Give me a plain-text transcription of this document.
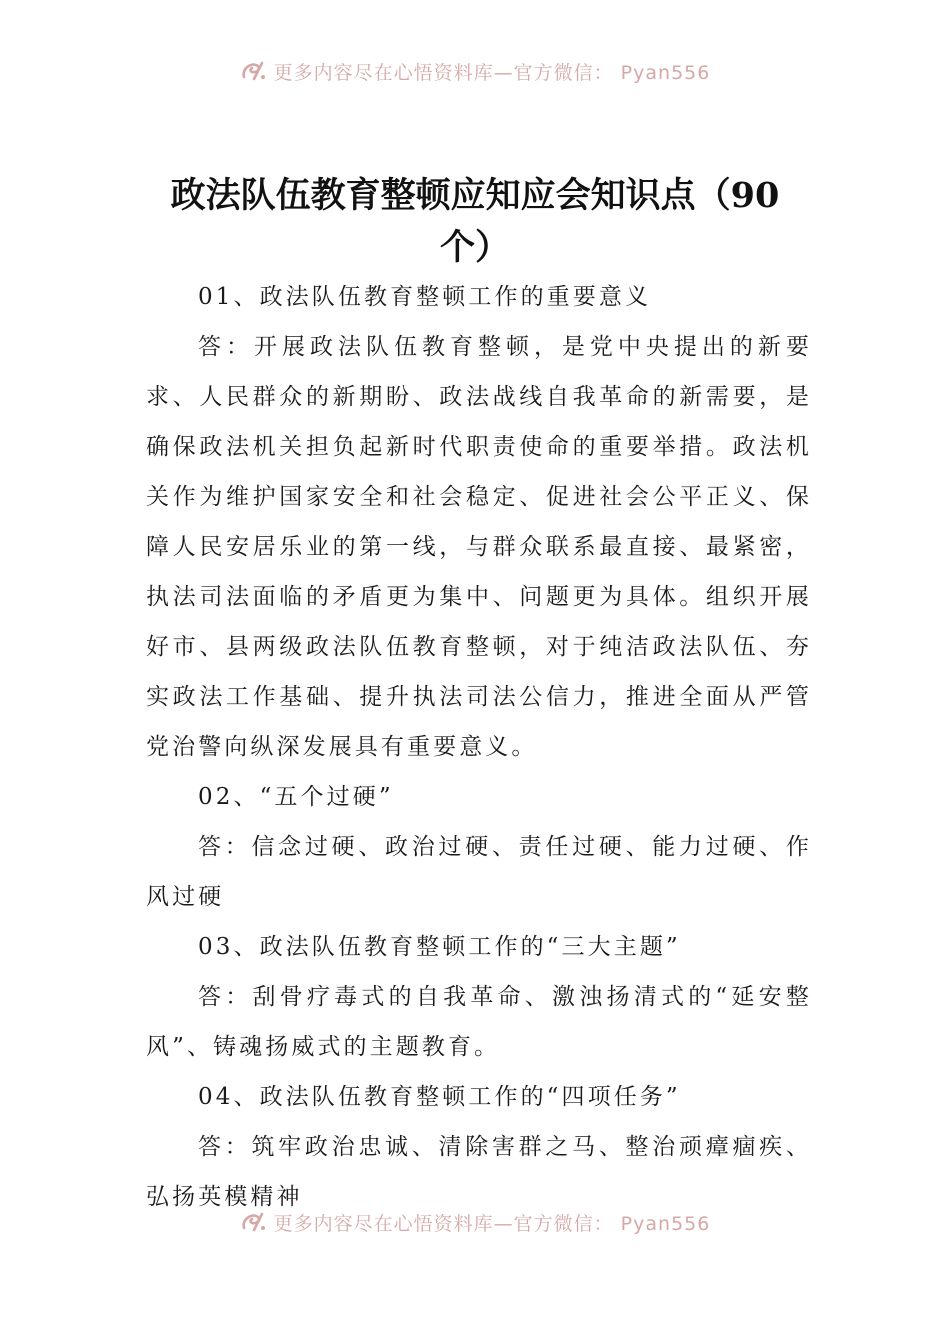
更多内容尽在心悟资料库—官方微信： Pyan556
政法队伍教育整顿应知应会知识点（90个）

01、政法队伍教育整顿工作的重要意义

答：开展政法队伍教育整顿，是党中央提出的新要求、人民群众的新期盼、政法战线自我革命的新需要，是确保政法机关担负起新时代职责使命的重要举措。政法机关作为维护国家安全和社会稳定、促进社会公平正义、保障人民安居乐业的第一线，与群众联系最直接、最紧密，执法司法面临的矛盾更为集中、问题更为具体。组织开展好市、县两级政法队伍教育整顿，对于纯洁政法队伍、夯实政法工作基础、提升执法司法公信力，推进全面从严管党治警向纵深发展具有重要意义。

02、“五个过硬”

答：信念过硬、政治过硬、责任过硬、能力过硬、作风过硬

03、政法队伍教育整顿工作的“三大主题”

答：刮骨疗毒式的自我革命、激浊扬清式的“延安整风”、铸魂扬威式的主题教育。

04、政法队伍教育整顿工作的“四项任务”

答：筑牢政治忠诚、清除害群之马、整治顽瘴痼疾、弘扬英模精神

更多内容尽在心悟资料库—官方微信： Pyan556
